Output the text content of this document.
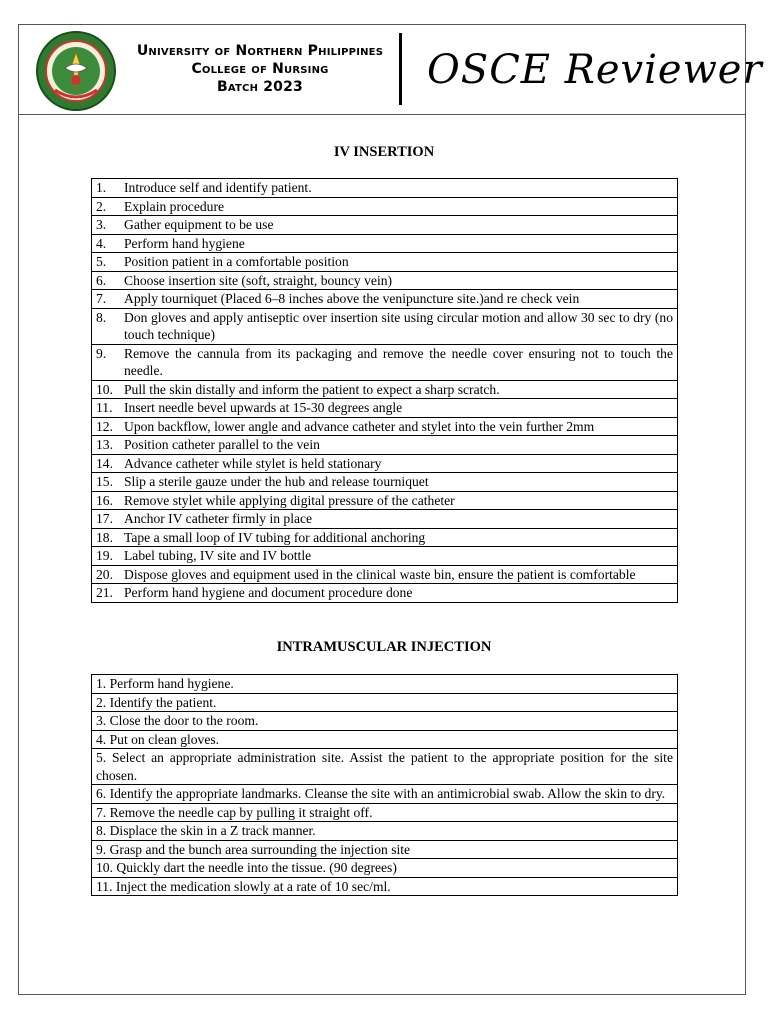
University of Northern Philippines
College of Nursing
Batch 2023	OSCE Reviewer
IV INSERTION
1.	Introduce self and identify patient.

2.	Explain procedure

3.	Gather equipment to be use

4.	Perform hand hygiene

5.	Position patient in a comfortable position

6.	Choose insertion site (soft, straight, bouncy vein)

7.	Apply tourniquet (Placed 6–8 inches above the venipuncture site.)and re check vein

8.	Don gloves and apply antiseptic over insertion site using circular motion and allow 30 sec to dry (no touch technique)

9.	Remove the cannula from its packaging and remove the needle cover ensuring not to touch the needle.

10. Pull the skin distally and inform the patient to expect a sharp scratch.

11. Insert needle bevel upwards at 15-30 degrees angle

12. Upon backflow, lower angle and advance catheter and stylet into the vein further 2mm

13. Position catheter parallel to the vein

14. Advance catheter while stylet is held stationary

15. Slip a sterile gauze under the hub and release tourniquet

16. Remove stylet while applying digital pressure of the catheter

17. Anchor IV catheter firmly in place

18. Tape a small loop of IV tubing for additional anchoring

19. Label tubing, IV site and IV bottle

20. Dispose gloves and equipment used in the clinical waste bin, ensure the patient is comfortable

21. Perform hand hygiene and document procedure done
INTRAMUSCULAR INJECTION
1. Perform hand hygiene.
2. Identify the patient.
3. Close the door to the room.
4. Put on clean gloves.
5. Select an appropriate administration site. Assist the patient to the appropriate position for the site chosen.
6. Identify the appropriate landmarks. Cleanse the site with an antimicrobial swab. Allow the skin to dry.
7. Remove the needle cap by pulling it straight off.
8. Displace the skin in a Z track manner.
9. Grasp and the bunch area surrounding the injection site
10. Quickly dart the needle into the tissue. (90 degrees)
11. Inject the medication slowly at a rate of 10 sec/ml.
